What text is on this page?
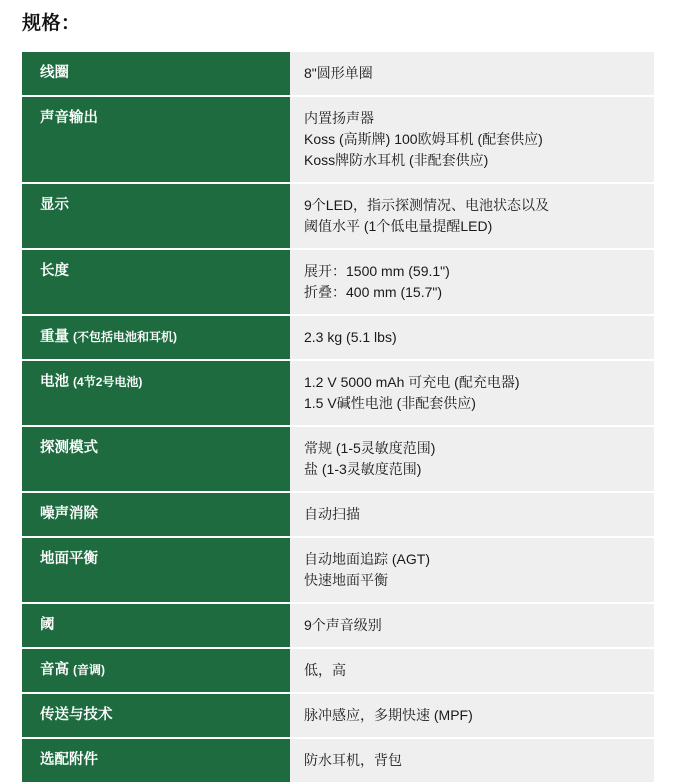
规格：
线圈	8"圆形单圈

声音输出	内置扬声器
Koss (高斯牌) 100欧姆耳机 (配套供应)
Koss牌防水耳机 (非配套供应)

显示	9个LED，指示探测情况、电池状态以及
阈值水平 (1个低电量提醒LED)

长度	展开：1500 mm (59.1")
折叠：400 mm (15.7")

重量 (不包括电池和耳机)	2.3 kg (5.1 lbs)

电池 (4节2号电池)	1.2 V 5000 mAh 可充电 (配充电器)
1.5 V碱性电池 (非配套供应)

探测模式	常规 (1-5灵敏度范围)
盐 (1-3灵敏度范围)

噪声消除	自动扫描

地面平衡	自动地面追踪 (AGT)
快速地面平衡

阈	9个声音级别

音高 (音调)	低，高

传送与技术	脉冲感应，多期快速 (MPF)

选配附件	防水耳机，背包
